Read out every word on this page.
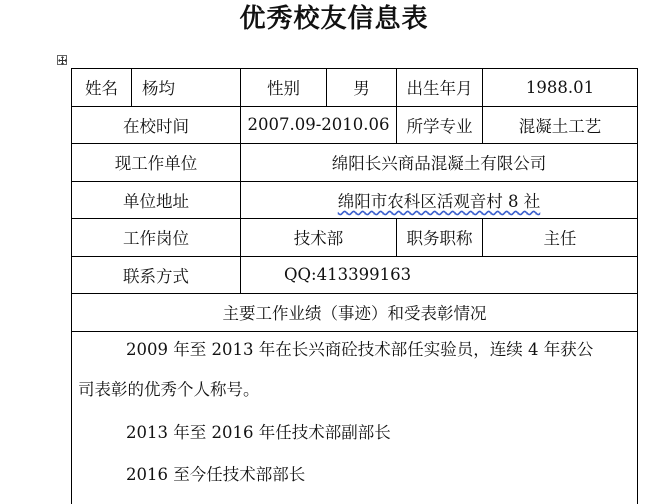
优秀校友信息表
姓名	杨均	性别	男	出生年月	1988.01
在校时间	2007.09-2010.06	所学专业	混凝土工艺
现工作单位	绵阳长兴商品混凝土有限公司
单位地址	绵阳市农科区活观音村 8 社
工作岗位	技术部	职务职称	主任
联系方式	QQ:413399163
主要工作业绩（事迹）和受表彰情况
2009 年至 2013 年在长兴商砼技术部任实验员，连续 4 年获公
司表彰的优秀个人称号。
2013 年至 2016 年任技术部副部长
2016 至今任技术部部长
